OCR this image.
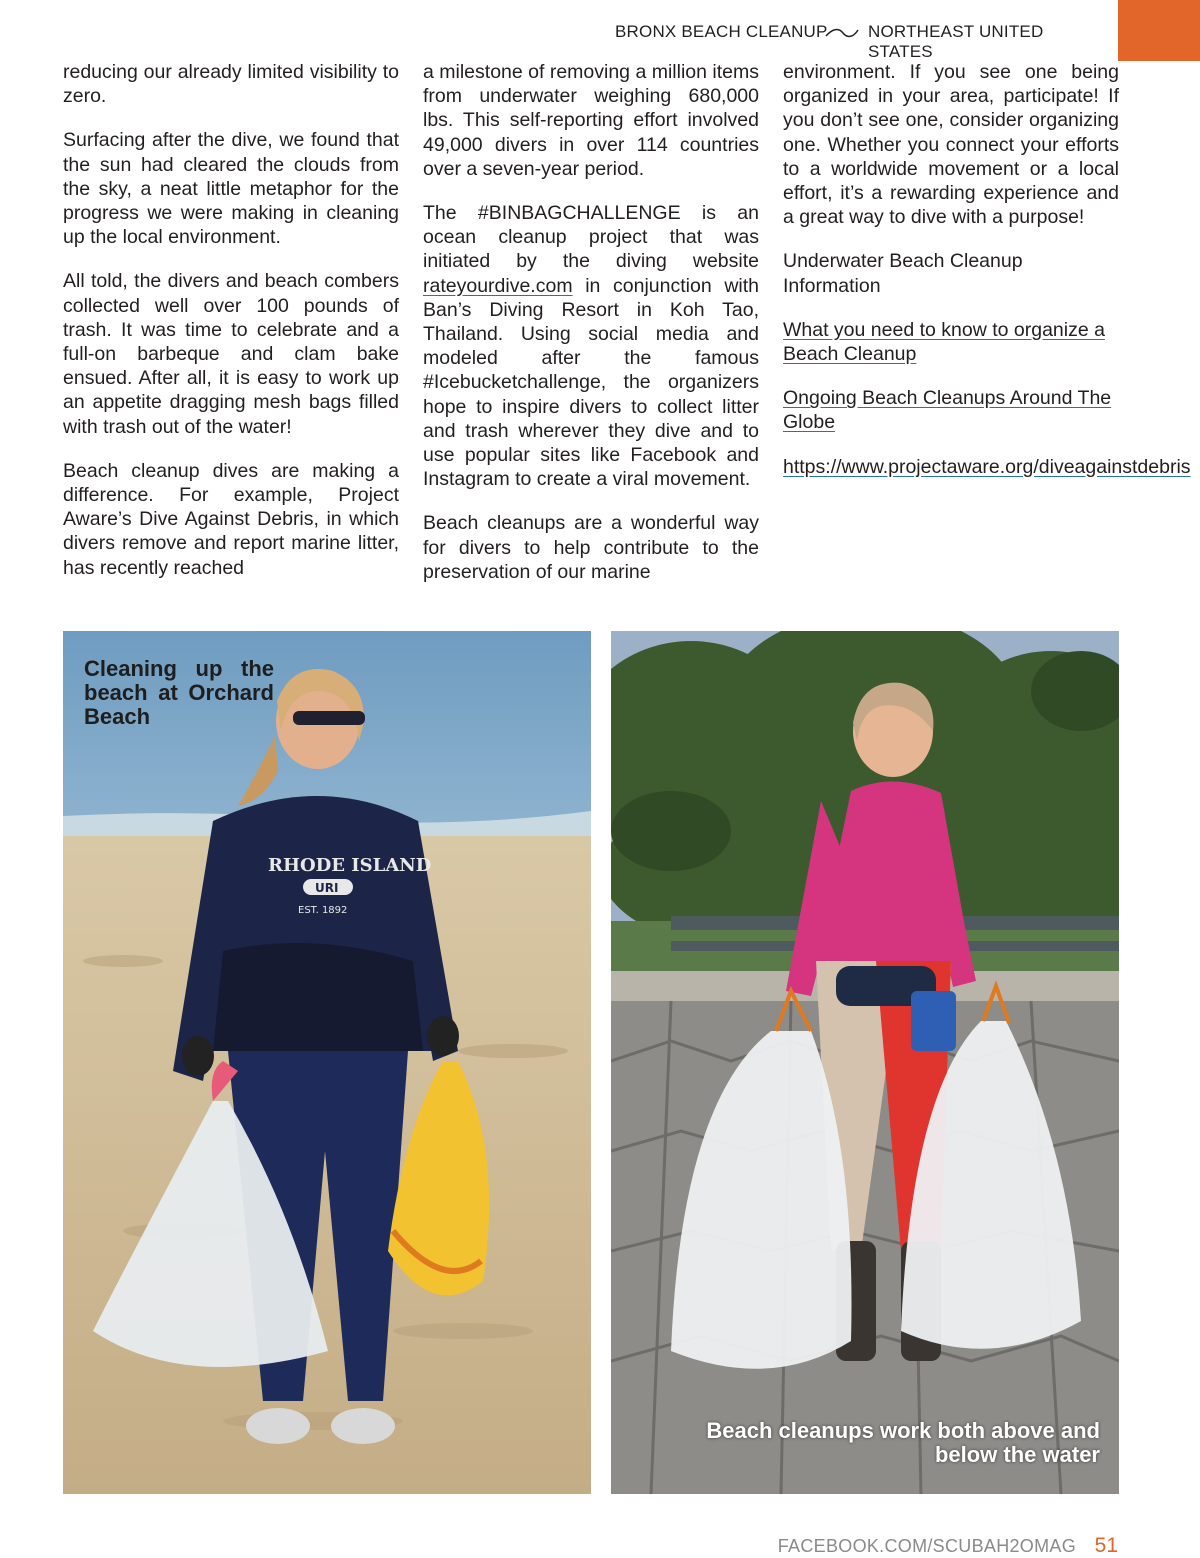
BRONX BEACH CLEANUP NORTHEAST UNITED STATES

reducing our already limited visibility to zero.

Surfacing after the dive, we found that the sun had cleared the clouds from the sky, a neat little metaphor for the progress we were making in cleaning up the local environment.

All told, the divers and beach combers collected well over 100 pounds of trash. It was time to celebrate and a full-on barbeque and clam bake ensued. After all, it is easy to work up an appetite dragging mesh bags filled with trash out of the water!

Beach cleanup dives are making a difference. For example, Project Aware’s Dive Against Debris, in which divers remove and report marine litter, has recently reached

a milestone of removing a million items from underwater weighing 680,000 lbs. This self-reporting effort involved 49,000 divers in over 114 countries over a seven-year period.

The #BINBAGCHALLENGE is an ocean cleanup project that was initiated by the diving website rateyourdive.com in conjunction with Ban’s Diving Resort in Koh Tao, Thailand. Using social media and modeled after the famous #Icebucketchallenge, the organizers hope to inspire divers to collect litter and trash wherever they dive and to use popular sites like Facebook and Instagram to create a viral movement.

Beach cleanups are a wonderful way for divers to help contribute to the preservation of our marine

environment. If you see one being organized in your area, participate! If you don’t see one, consider organizing one. Whether you connect your efforts to a worldwide movement or a local effort, it’s a rewarding experience and a great way to dive with a purpose!

Underwater Beach Cleanup Information

What you need to know to organize a Beach Cleanup

Ongoing Beach Cleanups Around The Globe

https://www.projectaware.org/diveagainstdebris

RHODE ISLAND
URI
EST. 1892
Cleaning up the beach at Orchard Beach
Beach cleanups work both above and below the water
FACEBOOK.COM/SCUBAH2OMAG 51
